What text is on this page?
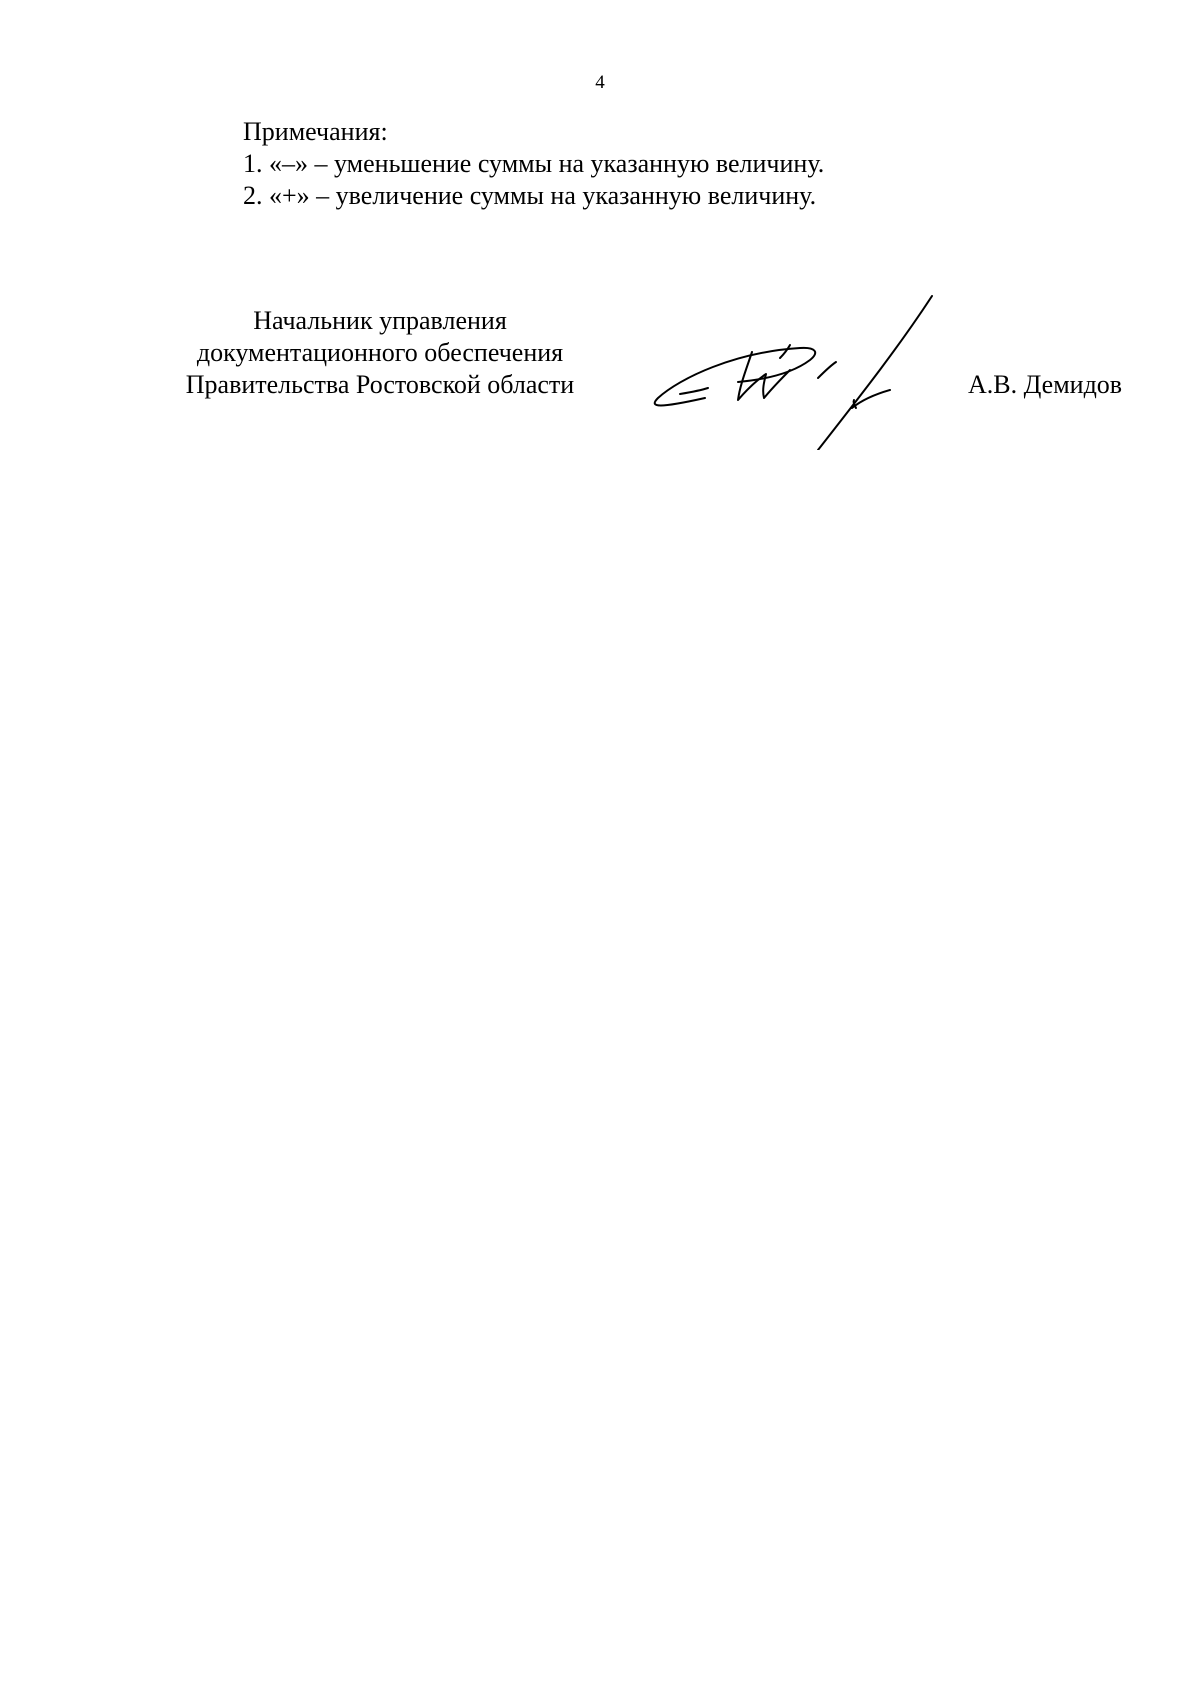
4
Примечания:
1. «–» – уменьшение суммы на указанную величину.
2. «+» – увеличение суммы на указанную величину.
Начальник управления
документационного обеспечения
Правительства Ростовской области	А.В. Демидов
